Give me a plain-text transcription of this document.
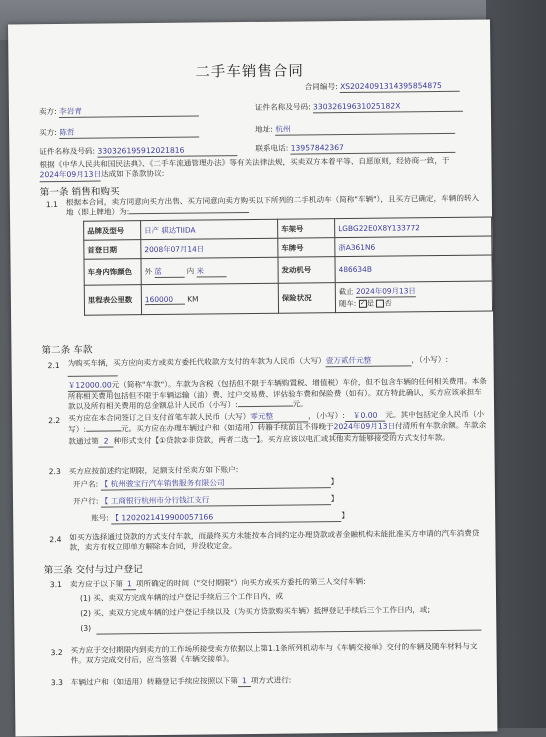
二手车销售合同
合同编号: XS2024091314395854875
卖方: 李岩青	证件名称及号码: 330326196310251​82X
买方: 陈哲	地址: 杭州
证件名称及号码: 330326195912021816	联系电话: 13957842367
根据《中华人民共和国民法典》、《二手车流通管理办法》等有关法律法规，买卖双方本着平等、自愿原则，经协商一致，于2024年09月13日达成如下条款协议:
第一条 销售和购买
1.1 根据本合同，卖方同意向买方出售、买方同意向卖方购买以下所列的二手机动车（简称"车辆"），且买方已确定，车辆的转入地（即上牌地）为:
品牌及型号	日产 骐达TIIDA	车架号	LGBG22E0X8Y133772
首登日期	2008年07月14日	车牌号	浙A361N6
车身内饰颜色	外 蓝 内 米	发动机号	486634B
里程表公里数	160000 KM	保险状况	截止 2024年09月13日
随车: ✓是 否
第二条 车款
2.1 为购买车辆，买方应向卖方或卖方委托代收款方支付的车款为人民币（大写）壹万贰仟元整	，（小写）:
￥12000.00元（简称"车款"）。车款为含税（包括但不限于车辆购置税、增值税）车价，但不包含车辆的任何相关费用。本条所称相关费用包括但不限于车辆运输（油）费、过户交易费、评估验车费和保险费（如有）。双方特此确认，买方应该承担车款以及所有相关费用的总金额总计人民币（小写）:	元。
2.2 买方应在本合同签订之日支付首笔车款人民币（大写）零元整	，（小写）: ￥0.00 元。其中包括定金人民币（小写）:	元。买方应在办理车辆过户和（如适用）转籍手续前且不得晚于2024年09月13日付清所有车款余额。车款余款通过第 2 种形式支付【①贷款②非贷款，两者二选一】。买方应该以电汇或其他卖方能够接受的方式支付车款。
2.3 买方应按前述约定期限，足额支付至卖方如下账户:
开户名: 【 杭州骏宝行汽车销售服务有限公司	】
开户行: 【 工商银行杭州市分行钱江支行	】
账号: 【 1202021419900057166	】
2.4 如买方选择通过贷款的方式支付车款，而最终买方未能按本合同约定办理贷款或者金融机构未能批准买方申请的汽车消费贷款，卖方有权立即单方解除本合同，并没收定金。
第三条 交付与过户登记
3.1 卖方应于以下第 1 项所确定的时间（"交付期限"）向买方或买方委托的第三人交付车辆:
(1) 买、卖双方完成车辆的过户登记手续后三个工作日内，或
(2) 买、卖双方完成车辆的过户登记手续以及（为买方贷款购买车辆）抵押登记手续后三个工作日内，或;
(3)
3.2 买方应于交付期限内到卖方的工作场所接受卖方依据以上第1.1条所列机动车与《车辆交接单》交付的车辆及随车材料与文件。双方完成交付后，应当签署《车辆交接单》。
3.3 车辆过户和（如适用）转籍登记手续应按照以下第 1 项方式进行:
